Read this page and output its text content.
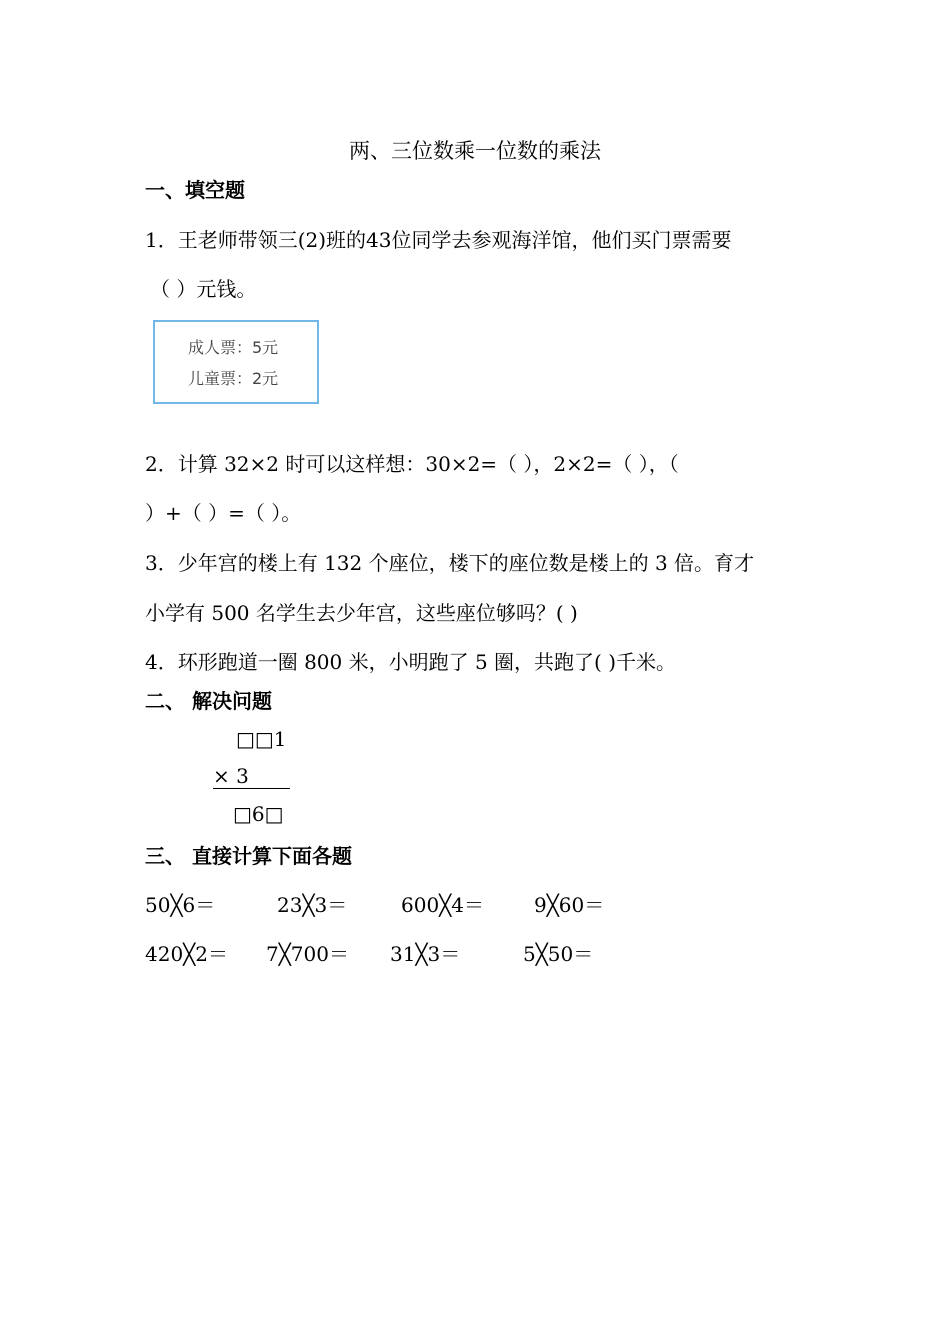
两、三位数乘一位数的乘法
一、填空题
1．王老师带领三(2)班的43位同学去参观海洋馆，他们买门票需要
（ ）元钱。
成人票：5元
儿童票：2元
2．计算 32×2 时可以这样想：30×2=（ ），2×2=（ ），（
）+（ ）=（ ）。
3．少年宫的楼上有 132 个座位，楼下的座位数是楼上的 3 倍。育才
小学有 500 名学生去少年宫，这些座位够吗？( )
4．环形跑道一圈 800 米，小明跑了 5 圈，共跑了( )千米。
二、 解决问题
□□1
× 3
□6□
三、 直接计算下面各题
50╳6＝	23╳3＝	600╳4＝	9╳60＝
420╳2＝ 7╳700＝ 31╳3＝	5╳50＝
